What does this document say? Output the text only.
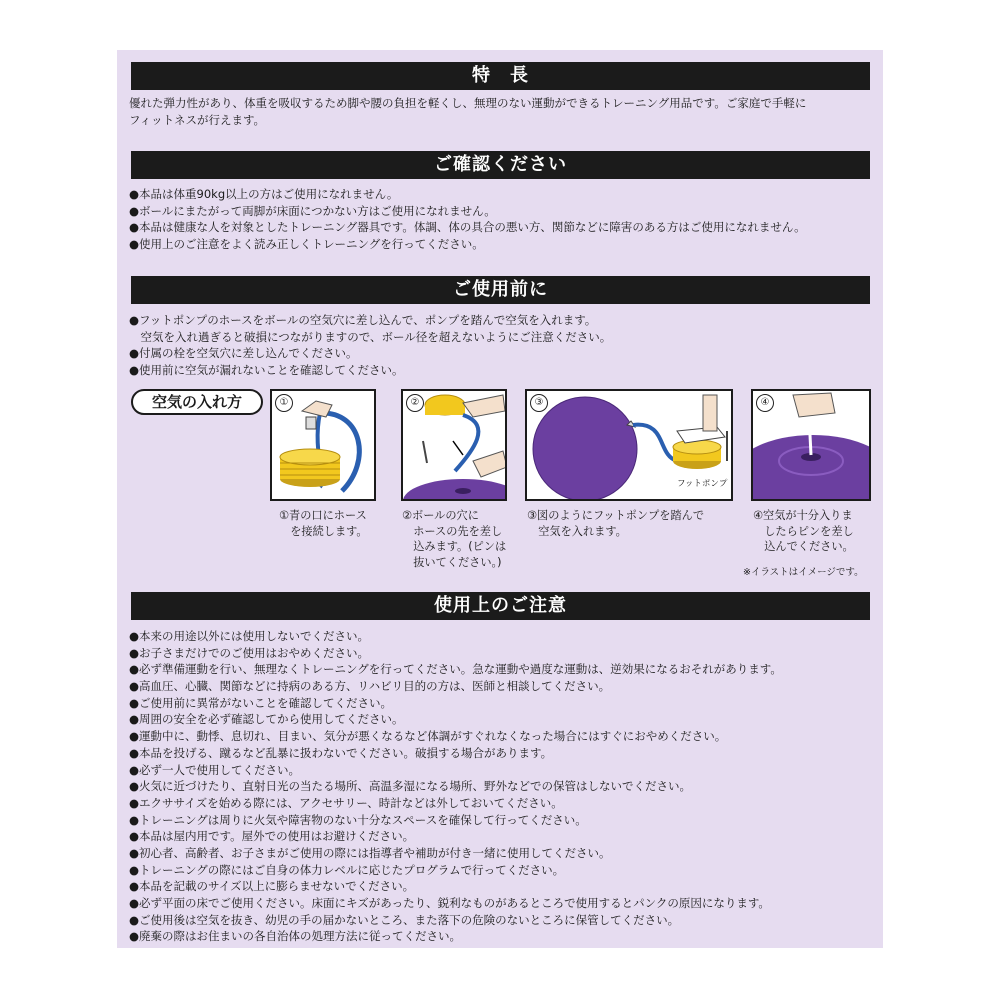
特　長
優れた弾力性があり、体重を吸収するため脚や腰の負担を軽くし、無理のない運動ができるトレーニング用品です。ご家庭で手軽に
フィットネスが行えます。
ご確認ください
●本品は体重90kg以上の方はご使用になれません。
●ボールにまたがって両脚が床面につかない方はご使用になれません。
●本品は健康な人を対象としたトレーニング器具です。体調、体の具合の悪い方、関節などに障害のある方はご使用になれません。
●使用上のご注意をよく読み正しくトレーニングを行ってください。
ご使用前に
●フットポンプのホースをボールの空気穴に差し込んで、ポンプを踏んで空気を入れます。
　空気を入れ過ぎると破損につながりますので、ボール径を超えないようにご注意ください。
●付属の栓を空気穴に差し込んでください。
●使用前に空気が漏れないことを確認してください。
空気の入れ方	①	②	③
フットポンプ
④
①青の口にホース
　を接続します。
②ボールの穴に
　ホースの先を差し
　込みます。(ピンは
　抜いてください。)
③図のようにフットポンプを踏んで
　空気を入れます。
④空気が十分入りま
　したらピンを差し
　込んでください。
※イラストはイメージです。
使用上のご注意
●本来の用途以外には使用しないでください。
●お子さまだけでのご使用はおやめください。
●必ず準備運動を行い、無理なくトレーニングを行ってください。急な運動や過度な運動は、逆効果になるおそれがあります。
●高血圧、心臓、関節などに持病のある方、リハビリ目的の方は、医師と相談してください。
●ご使用前に異常がないことを確認してください。
●周囲の安全を必ず確認してから使用してください。
●運動中に、動悸、息切れ、目まい、気分が悪くなるなど体調がすぐれなくなった場合にはすぐにおやめください。
●本品を投げる、蹴るなど乱暴に扱わないでください。破損する場合があります。
●必ず一人で使用してください。
●火気に近づけたり、直射日光の当たる場所、高温多湿になる場所、野外などでの保管はしないでください。
●エクササイズを始める際には、アクセサリー、時計などは外しておいてください。
●トレーニングは周りに火気や障害物のない十分なスペースを確保して行ってください。
●本品は屋内用です。屋外での使用はお避けください。
●初心者、高齢者、お子さまがご使用の際には指導者や補助が付き一緒に使用してください。
●トレーニングの際にはご自身の体力レベルに応じたプログラムで行ってください。
●本品を記載のサイズ以上に膨らませないでください。
●必ず平面の床でご使用ください。床面にキズがあったり、鋭利なものがあるところで使用するとパンクの原因になります。
●ご使用後は空気を抜き、幼児の手の届かないところ、また落下の危険のないところに保管してください。
●廃棄の際はお住まいの各自治体の処理方法に従ってください。
